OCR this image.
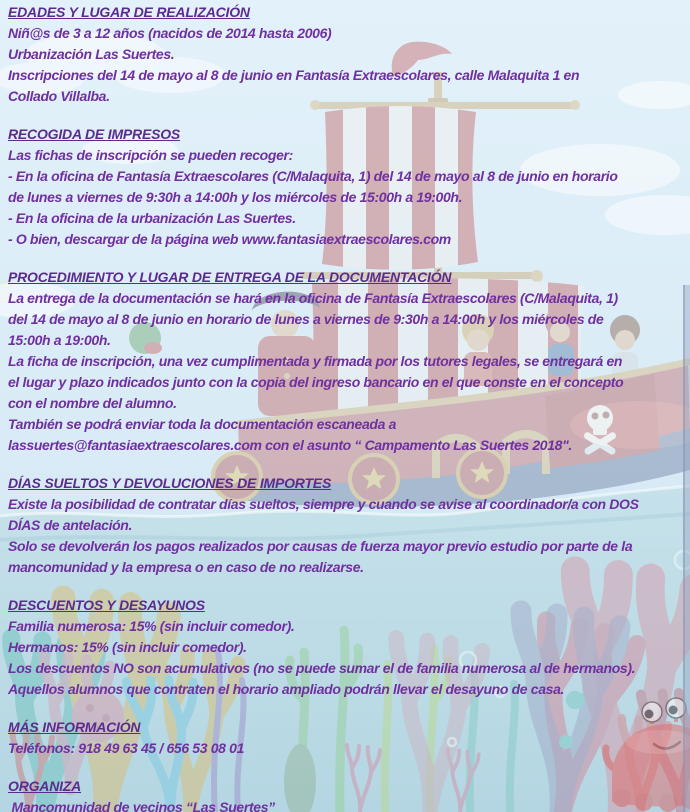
EDADES Y LUGAR DE REALIZACIÓN

Niñ@s de 3 a 12 años (nacidos de 2014 hasta 2006)

Urbanización Las Suertes.

Inscripciones del 14 de mayo al 8 de junio en Fantasía Extraescolares, calle Malaquita 1 en

Collado Villalba.

RECOGIDA DE IMPRESOS

Las fichas de inscripción se pueden recoger:

- En la oficina de Fantasía Extraescolares (C/Malaquita, 1) del 14 de mayo al 8 de junio en horario

de lunes a viernes de 9:30h a 14:00h y los miércoles de 15:00h a 19:00h.

- En la oficina de la urbanización Las Suertes.

- O bien, descargar de la página web www.fantasiaextraescolares.com

PROCEDIMIENTO Y LUGAR DE ENTREGA DE LA DOCUMENTACIÓN

La entrega de la documentación se hará en la oficina de Fantasía Extraescolares (C/Malaquita, 1)

del 14 de mayo al 8 de junio en horario de lunes a viernes de 9:30h a 14:00h y los miércoles de

15:00h a 19:00h.

La ficha de inscripción, una vez cumplimentada y firmada por los tutores legales, se entregará en

el lugar y plazo indicados junto con la copia del ingreso bancario en el que conste en el concepto

con el nombre del alumno.

También se podrá enviar toda la documentación escaneada a

lassuertes@fantasiaextraescolares.com con el asunto “ Campamento Las Suertes 2018".

DÍAS SUELTOS Y DEVOLUCIONES DE IMPORTES

Existe la posibilidad de contratar días sueltos, siempre y cuando se avise al coordinador/a con DOS

DÍAS de antelación.

Solo se devolverán los pagos realizados por causas de fuerza mayor previo estudio por parte de la

mancomunidad y la empresa o en caso de no realizarse.

DESCUENTOS Y DESAYUNOS

Familia numerosa: 15% (sin incluir comedor).

Hermanos: 15% (sin incluir comedor).

Los descuentos NO son acumulativos (no se puede sumar el de familia numerosa al de hermanos).

Aquellos alumnos que contraten el horario ampliado podrán llevar el desayuno de casa.

MÁS INFORMACIÓN

Teléfonos: 918 49 63 45 / 656 53 08 01

ORGANIZA

Mancomunidad de vecinos “Las Suertes”
